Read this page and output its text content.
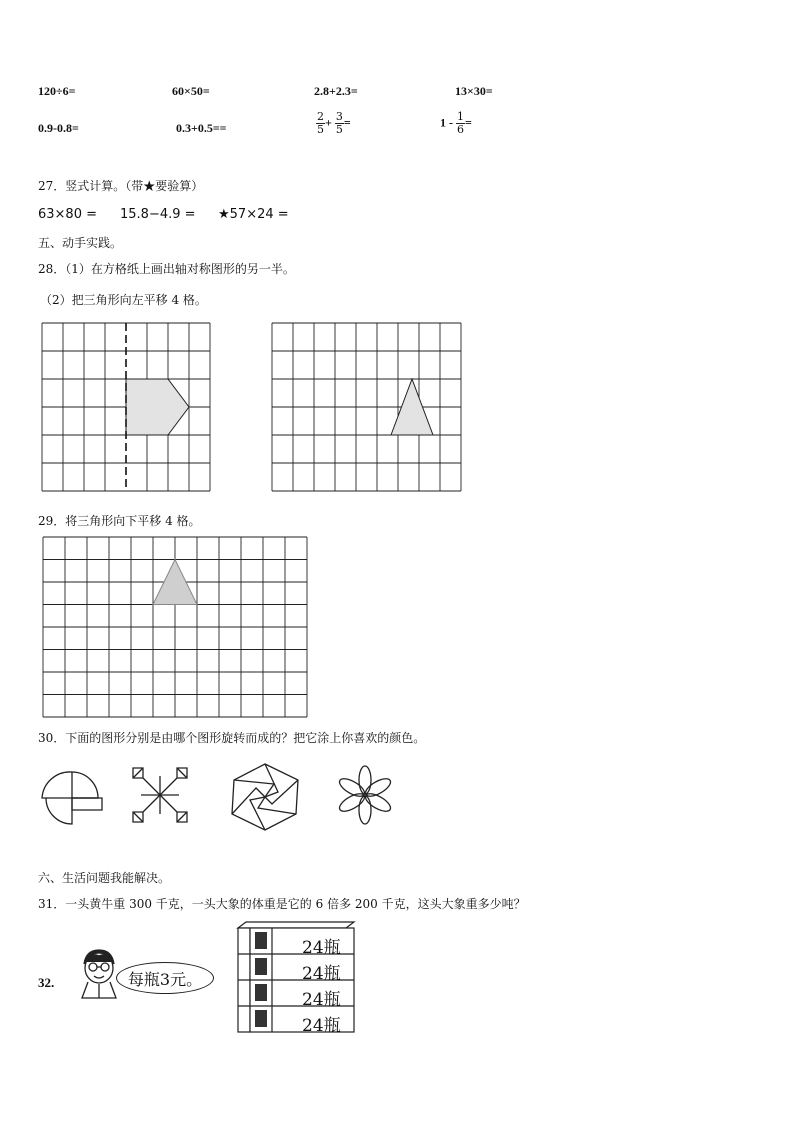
120÷6=	60×50=	2.8+2.3=	13×30=
0.9-0.8=	0.3+0.5==	$\frac{2}{5} + \frac{3}{5}$ =	$1 - \frac{1}{6}$ =
27．竖式计算。（带★要验算）
63×80 = 15.8−4.9 = ★57×24 =
五、动手实践。
28．（1）在方格纸上画出轴对称图形的另一半。
（2）把三角形向左平移 4 格。
29．将三角形向下平移 4 格。
30．下面的图形分别是由哪个图形旋转而成的？把它涂上你喜欢的颜色。
六、生活问题我能解决。
31．一头黄牛重 300 千克，一头大象的体重是它的 6 倍多 200 千克，这头大象重多少吨？
32.	每瓶3元。
24瓶
24瓶
24瓶
24瓶
